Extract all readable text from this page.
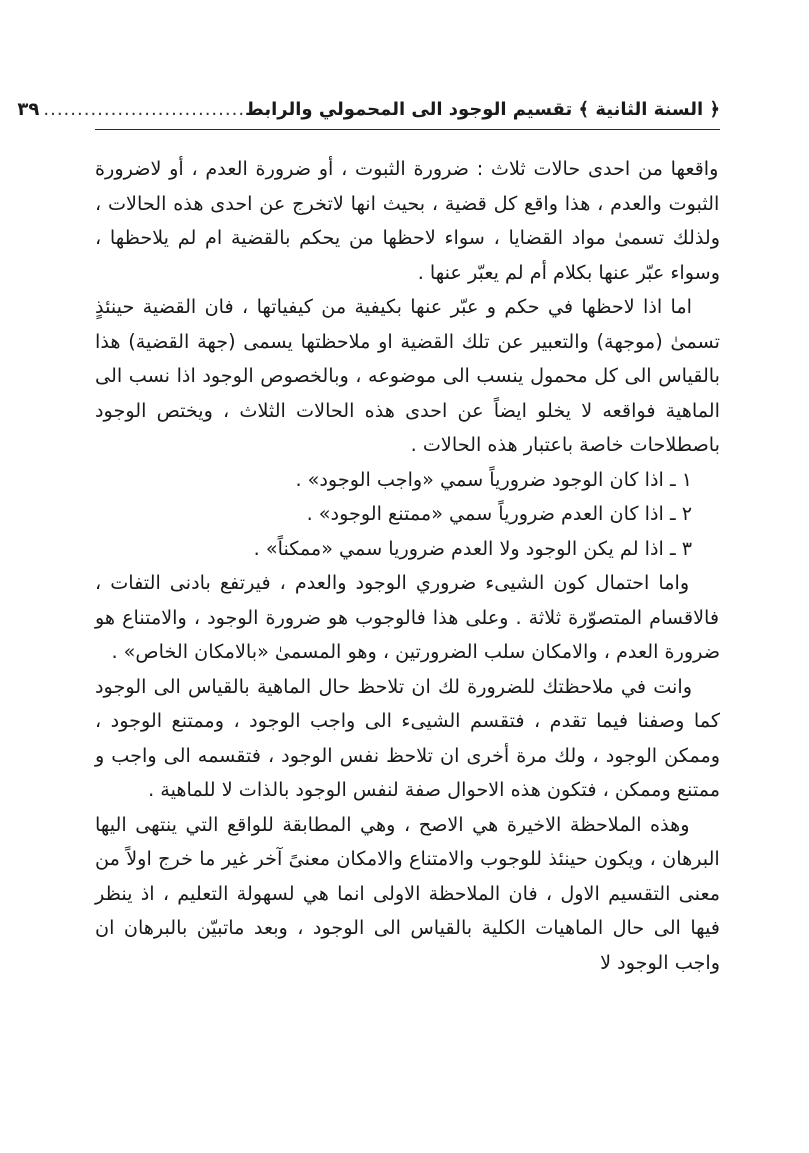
﴿ السنة الثانية ﴾ تقسيم الوجود الى المحمولي والرابط
..............................
٣٩

واقعها من احدى حالات ثلاث : ضرورة الثبوت ، أو ضرورة العدم ، أو لاضرورة الثبوت والعدم ، هذا واقع كل قضية ، بحيث انها لاتخرج عن احدى هذه الحالات ، ولذلك تسمىٰ مواد القضايا ، سواء لاحظها من يحكم بالقضية ام لم يلاحظها ، وسواء عبّر عنها بكلام أم لم يعبّر عنها .

اما اذا لاحظها في حكم و عبّر عنها بكيفية من كيفياتها ، فان القضية حينئذٍ تسمىٰ (موجهة) والتعبير عن تلك القضية او ملاحظتها يسمى (جهة القضية) هذا بالقياس الى كل محمول ينسب الى موضوعه ، وبالخصوص الوجود اذا نسب الى الماهية فواقعه لا يخلو ايضاً عن احدى هذه الحالات الثلاث ، ويختص الوجود باصطلاحات خاصة باعتبار هذه الحالات .

١ ـ اذا كان الوجود ضرورياً سمي «واجب الوجود» .

٢ ـ اذا كان العدم ضرورياً سمي «ممتنع الوجود» .

٣ ـ اذا لم يكن الوجود ولا العدم ضروريا سمي «ممكناً» .

واما احتمال كون الشيىء ضروري الوجود والعدم ، فيرتفع بادنى التفات ، فالاقسام المتصوّرة ثلاثة . وعلى هذا فالوجوب هو ضرورة الوجود ، والامتناع هو ضرورة العدم ، والامكان سلب الضرورتين ، وهو المسمىٰ «بالامكان الخاص» .

وانت في ملاحظتك للضرورة لك ان تلاحظ حال الماهية بالقياس الى الوجود كما وصفنا فيما تقدم ، فتقسم الشيىء الى واجب الوجود ، وممتنع الوجود ، وممكن الوجود ، ولك مرة أخرى ان تلاحظ نفس الوجود ، فتقسمه الى واجب و ممتنع وممكن ، فتكون هذه الاحوال صفة لنفس الوجود بالذات لا للماهية .

وهذه الملاحظة الاخيرة هي الاصح ، وهي المطابقة للواقع التي ينتهى اليها البرهان ، ويكون حينئذ للوجوب والامتناع والامكان معنىً آخر غير ما خرج اولاً من معنى التقسيم الاول ، فان الملاحظة الاولى انما هي لسهولة التعليم ، اذ ينظر فيها الى حال الماهيات الكلية بالقياس الى الوجود ، وبعد ماتبيّن بالبرهان ان واجب الوجود لا
